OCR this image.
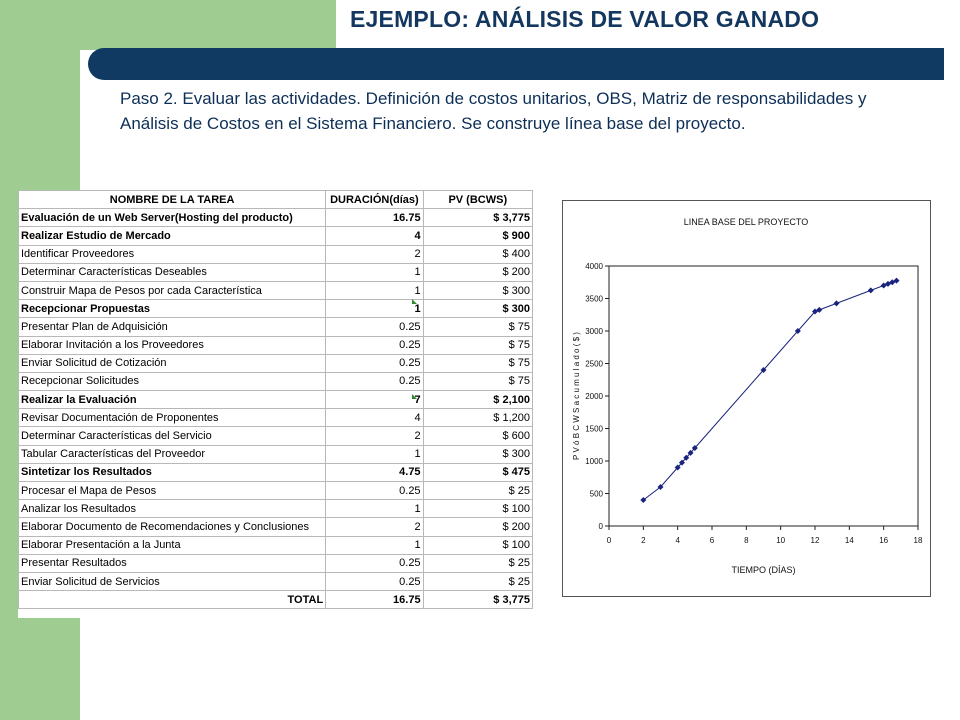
EJEMPLO: ANÁLISIS DE VALOR GANADO
Paso 2. Evaluar las actividades. Definición de costos unitarios, OBS, Matriz de responsabilidades y Análisis de Costos en el Sistema Financiero. Se construye línea base del proyecto.
NOMBRE DE LA TAREA	DURACIÓN(días)	PV (BCWS)
Evaluación de un Web Server(Hosting del producto)	16.75	$ 3,775
Realizar Estudio de Mercado	4	$ 900
Identificar Proveedores	2	$ 400
Determinar Características Deseables	1	$ 200
Construir Mapa de Pesos por cada Característica	1	$ 300
Recepcionar Propuestas	1	$ 300
Presentar Plan de Adquisición	0.25	$ 75
Elaborar Invitación a los Proveedores	0.25	$ 75
Enviar Solicitud de Cotización	0.25	$ 75
Recepcionar Solicitudes	0.25	$ 75
Realizar la Evaluación	7	$ 2,100
Revisar Documentación de Proponentes	4	$ 1,200
Determinar Características del Servicio	2	$ 600
Tabular Características del Proveedor	1	$ 300
Sintetizar los Resultados	4.75	$ 475
Procesar el Mapa de Pesos	0.25	$ 25
Analizar los Resultados	1	$ 100
Elaborar Documento de Recomendaciones y Conclusiones	2	$ 200
Elaborar Presentación a la Junta	1	$ 100
Presentar Resultados	0.25	$ 25
Enviar Solicitud de Servicios	0.25	$ 25
TOTAL	16.75	$ 3,775
LINEA BASE DEL PROYECTO
0
500
1000
1500
2000
2500
3000
3500
4000
0	2	4	6	8	10	12	14	16	18
TIEMPO (DÍAS)
P V ó B C W S a c u m u l a d o ( $ )
